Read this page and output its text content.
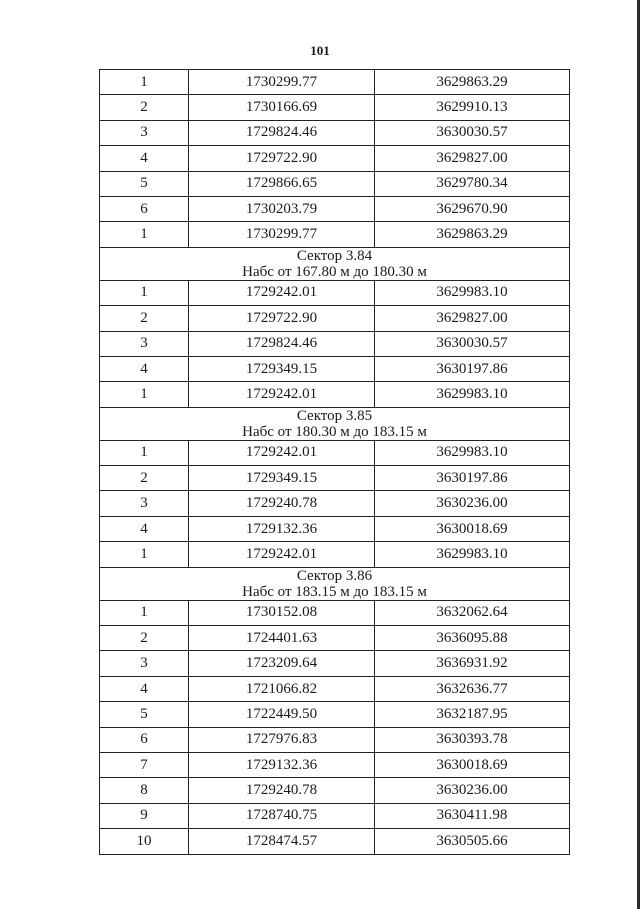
101
1	1730299.77	3629863.29
2	1730166.69	3629910.13
3	1729824.46	3630030.57
4	1729722.90	3629827.00
5	1729866.65	3629780.34
6	1730203.79	3629670.90
1	1730299.77	3629863.29

Сектор 3.84
Набс от 167.80 м до 180.30 м		

1	1729242.01	3629983.10
2	1729722.90	3629827.00
3	1729824.46	3630030.57
4	1729349.15	3630197.86
1	1729242.01	3629983.10

Сектор 3.85
Набс от 180.30 м до 183.15 м		

1	1729242.01	3629983.10
2	1729349.15	3630197.86
3	1729240.78	3630236.00
4	1729132.36	3630018.69
1	1729242.01	3629983.10

Сектор 3.86
Набс от 183.15 м до 183.15 м		

1	1730152.08	3632062.64
2	1724401.63	3636095.88
3	1723209.64	3636931.92
4	1721066.82	3632636.77
5	1722449.50	3632187.95
6	1727976.83	3630393.78
7	1729132.36	3630018.69
8	1729240.78	3630236.00
9	1728740.75	3630411.98
10	1728474.57	3630505.66
